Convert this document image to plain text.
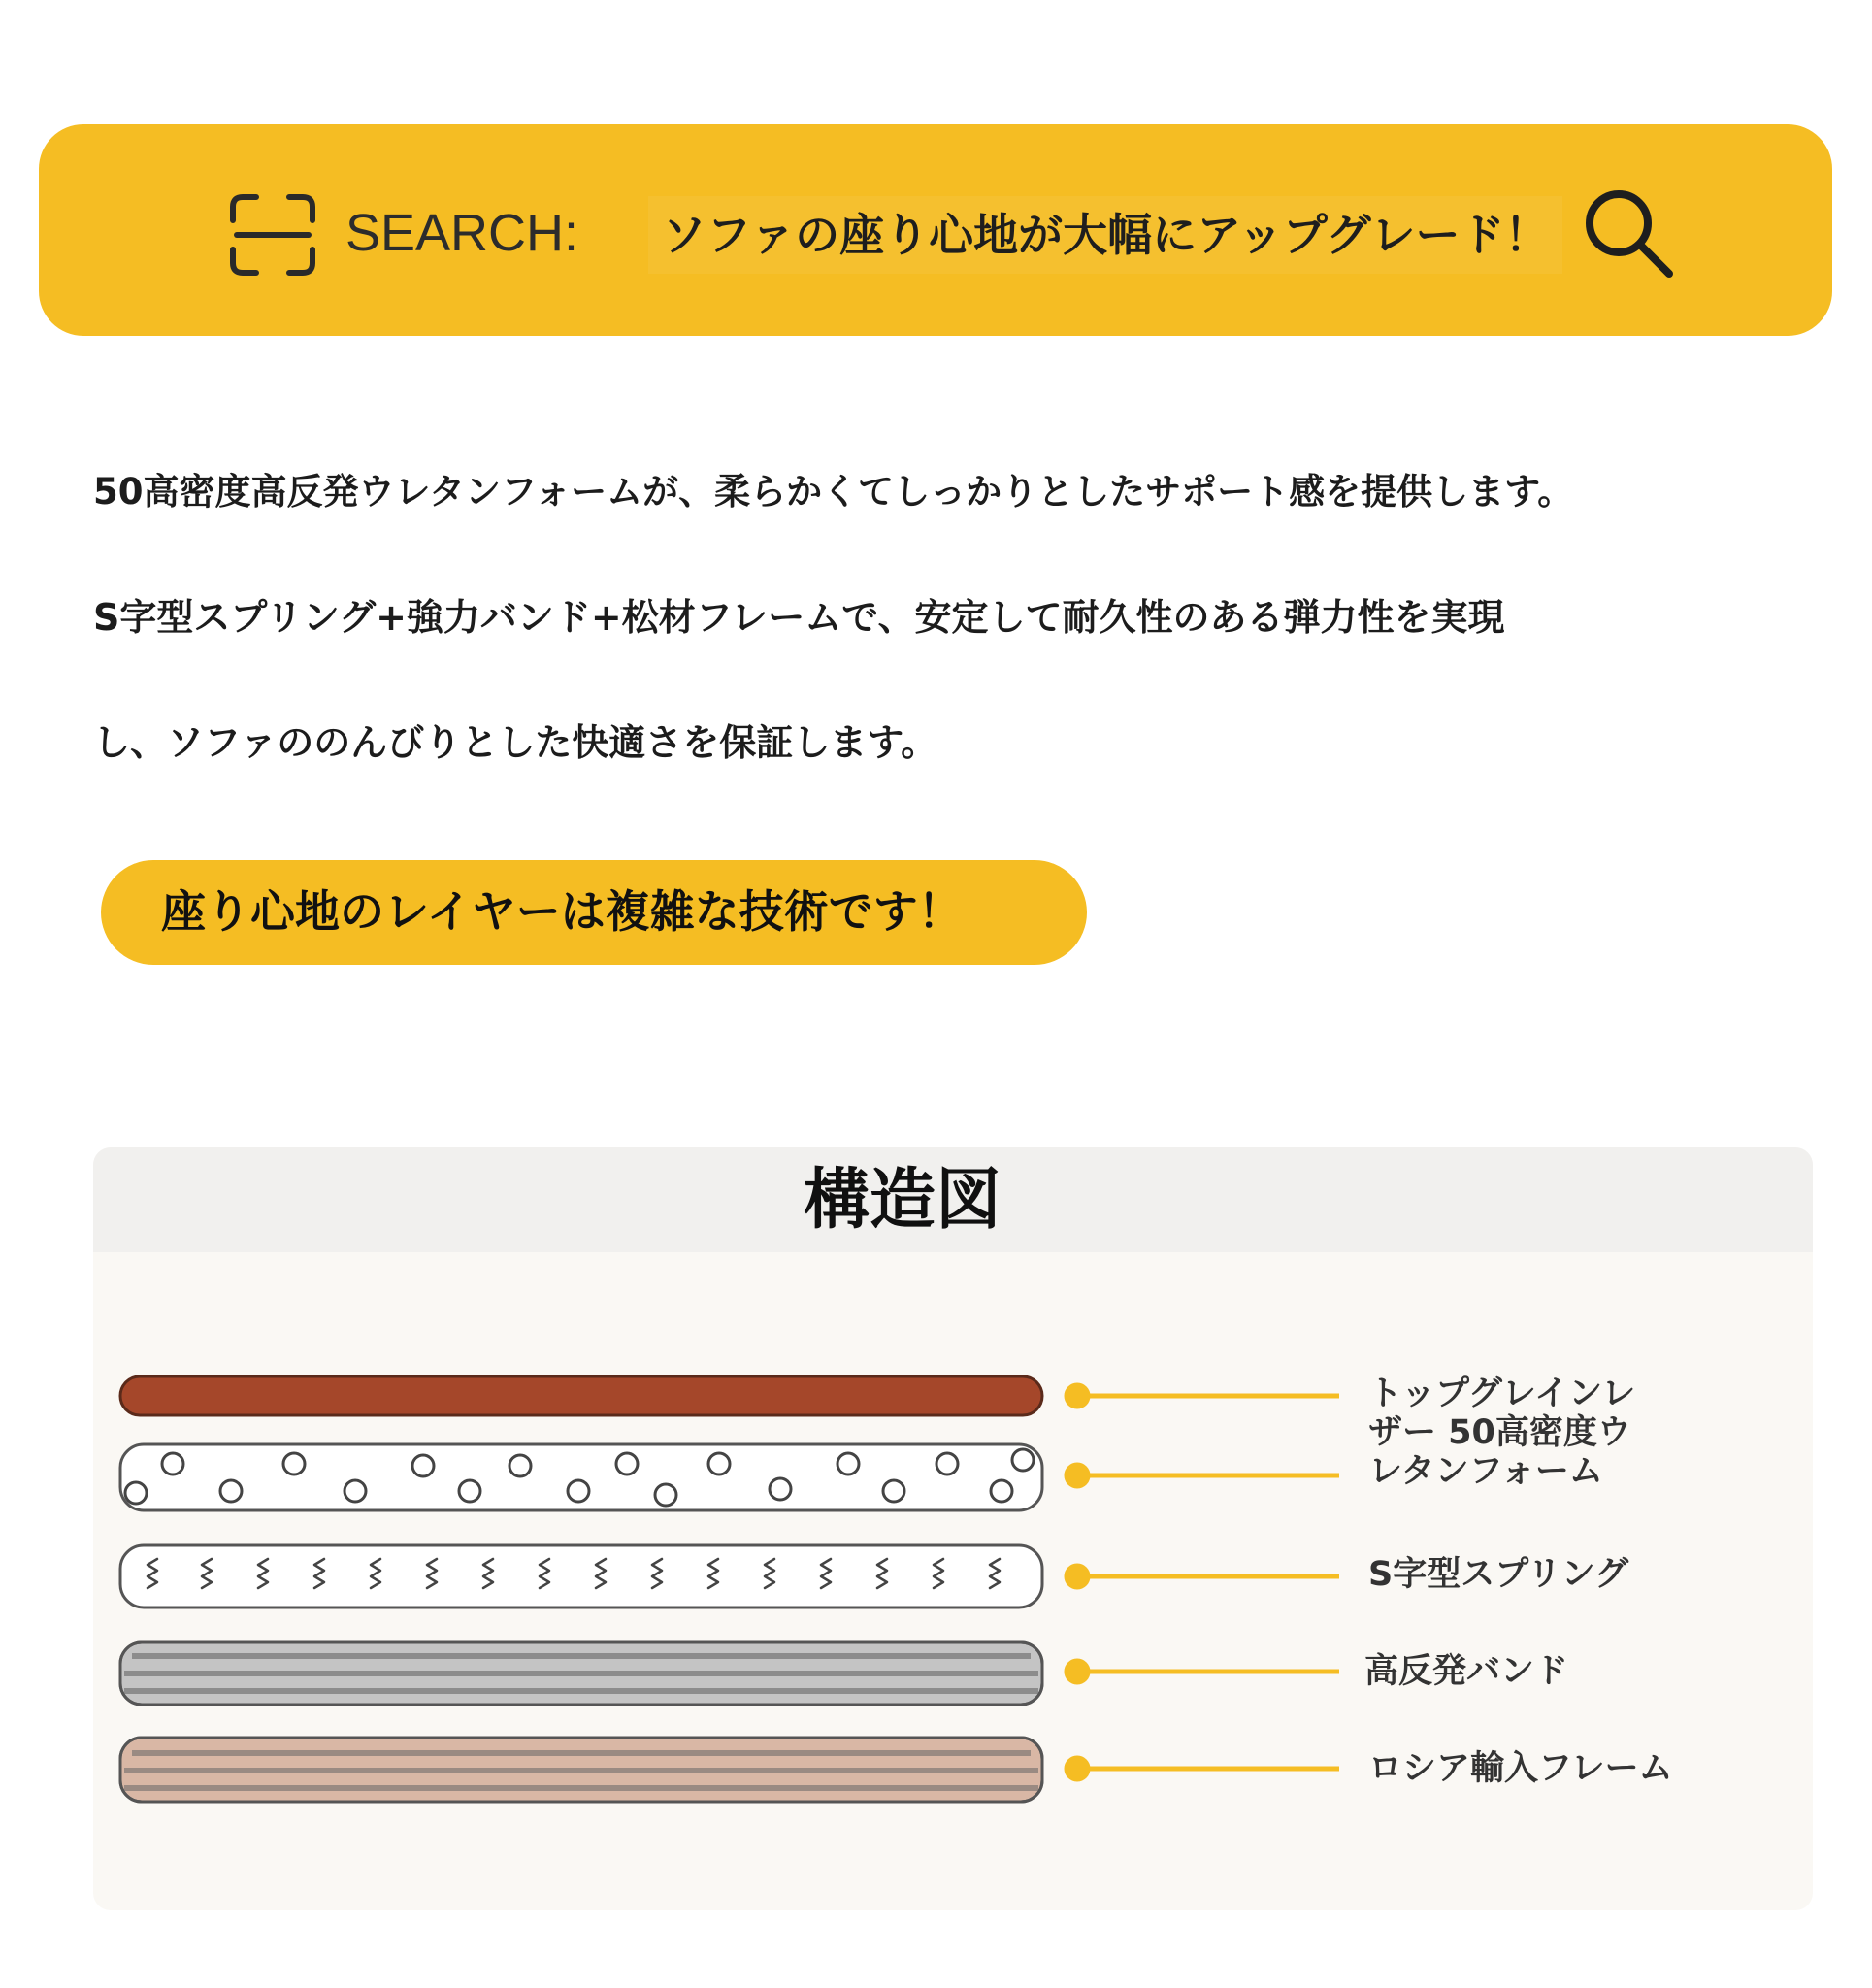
SEARCH:	ソファの座り心地が大幅にアップグレード！
50高密度高反発ウレタンフォームが、柔らかくてしっかりとしたサポート感を提供します。
S字型スプリング+強力バンド+松材フレームで、安定して耐久性のある弾力性を実現
し、ソファののんびりとした快適さを保証します。
座り心地のレイヤーは複雑な技術です！
構造図
トップグレインレ
ザー 50高密度ウ
レタンフォーム
S字型スプリング
高反発バンド
ロシア輸入フレーム
